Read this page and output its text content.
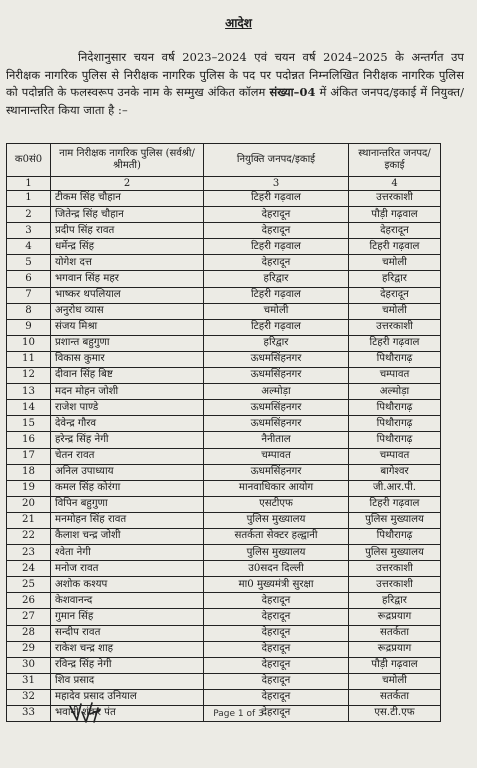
आदेश

निदेशानुसार चयन वर्ष 2023–2024 एवं चयन वर्ष 2024–2025 के अन्तर्गत उप निरीक्षक नागरिक पुलिस से निरीक्षक नागरिक पुलिस के पद पर पदोन्नत निम्नलिखित निरीक्षक नागरिक पुलिस को पदोन्नति के फलस्वरूप उनके नाम के सम्मुख अंकित कॉलम संख्या–04 में अंकित जनपद/इकाई में नियुक्त/स्थानान्तरित किया जाता है :–

क0सं0	नाम निरीक्षक नागरिक पुलिस (सर्वश्री/श्रीमती)	नियुक्ति जनपद/इकाई	स्थानान्तरित जनपद/इकाई
1	2	3	4
1	टीकम सिंह चौहान	टिहरी गढ़वाल	उत्तरकाशी
2	जितेन्द्र सिंह चौहान	देहरादून	पौड़ी गढ़वाल
3	प्रदीप सिंह रावत	देहरादून	देहरादून
4	धर्मेन्द्र सिंह	टिहरी गढ़वाल	टिहरी गढ़वाल
5	योगेश दत्त	देहरादून	चमोली
6	भगवान सिंह महर	हरिद्वार	हरिद्वार
7	भाष्कर थपलियाल	टिहरी गढ़वाल	देहरादून
8	अनुरोध व्यास	चमोली	चमोली
9	संजय मिश्रा	टिहरी गढ़वाल	उत्तरकाशी
10	प्रशान्त बहुगुणा	हरिद्वार	टिहरी गढ़वाल
11	विकास कुमार	ऊधमसिंहनगर	पिथौरागढ़
12	दीवान सिंह बिष्ट	ऊधमसिंहनगर	चम्पावत
13	मदन मोहन जोशी	अल्मोड़ा	अल्मोड़ा
14	राजेश पाण्डे	ऊधमसिंहनगर	पिथौरागढ़
15	देवेन्द्र गौरव	ऊधमसिंहनगर	पिथौरागढ़
16	हरेन्द्र सिंह नेगी	नैनीताल	पिथौरागढ़
17	चेतन रावत	चम्पावत	चम्पावत
18	अनिल उपाध्याय	ऊधमसिंहनगर	बागेश्वर
19	कमल सिंह कोरंगा	मानवाधिकार आयोग	जी.आर.पी.
20	विपिन बहुगुणा	एसटीएफ	टिहरी गढ़वाल
21	मनमोहन सिंह रावत	पुलिस मुख्यालय	पुलिस मुख्यालय
22	कैलाश चन्द्र जोशी	सतर्कता सेक्टर हल्द्वानी	पिथौरागढ़
23	श्वेता नेगी	पुलिस मुख्यालय	पुलिस मुख्यालय
24	मनोज रावत	उ0सदन दिल्ली	उत्तरकाशी
25	अशोक कश्यप	मा0 मुख्यमंत्री सुरक्षा	उत्तरकाशी
26	केशवानन्द	देहरादून	हरिद्वार
27	गुमान सिंह	देहरादून	रूद्रप्रयाग
28	सन्दीप रावत	देहरादून	सतर्कता
29	राकेश चन्द्र शाह	देहरादून	रूद्रप्रयाग
30	रविन्द्र सिंह नेगी	देहरादून	पौड़ी गढ़वाल
31	शिव प्रसाद	देहरादून	चमोली
32	महादेव प्रसाद उनियाल	देहरादून	सतर्कता
33	भवानी शंकर पंत	देहरादून	एस.टी.एफ
Page 1 of 3
